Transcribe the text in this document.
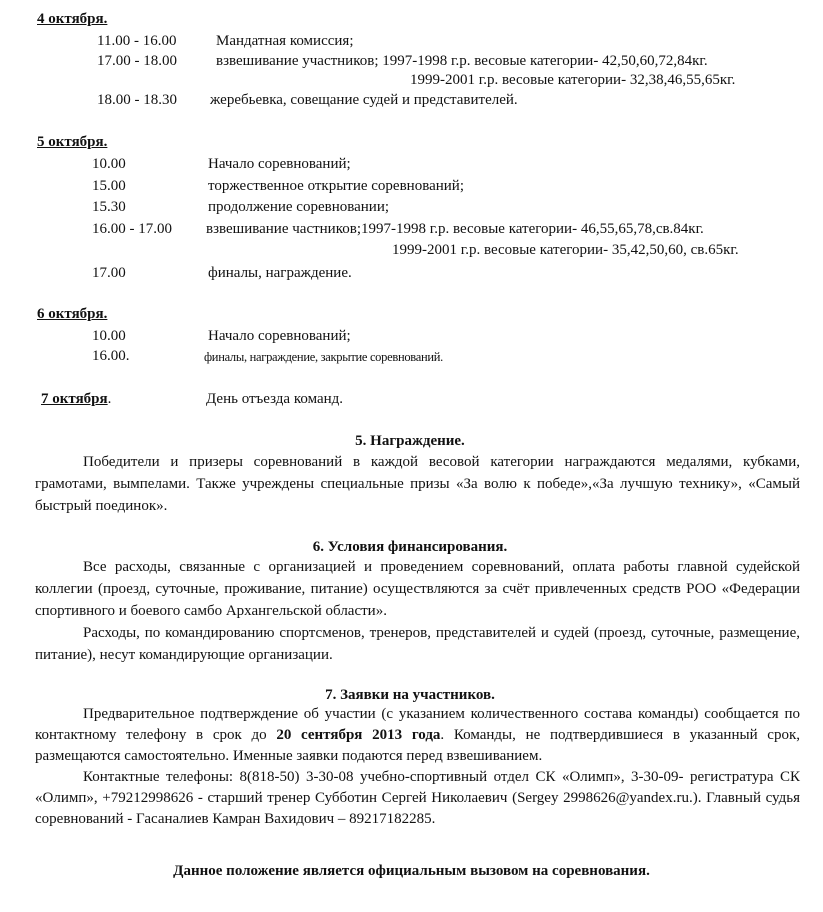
4 октября.
11.00 - 16.00	Мандатная комиссия;
17.00 - 18.00	взвешивание участников; 1997-1998 г.р. весовые категории- 42,50,60,72,84кг.
1999-2001 г.р. весовые категории- 32,38,46,55,65кг.
18.00 - 18.30 жеребьевка, совещание судей и представителей.
5 октября.
10.00	Начало соревнований;
15.00	торжественное открытие соревнований;
15.30	продолжение соревновании;
16.00 - 17.00 взвешивание частников;1997-1998 г.р. весовые категории- 46,55,65,78,св.84кг.
1999-2001 г.р. весовые категории- 35,42,50,60, св.65кг.
17.00	финалы, награждение.
6 октября.
10.00	Начало соревнований;
16.00.	финалы, награждение, закрытие соревнований.
7 октября.	День отъезда команд.
5. Награждение.

Победители и призеры соревнований в каждой весовой категории награждаются медалями, кубками, грамотами, вымпелами. Также учреждены специальные призы «За волю к победе»,«За лучшую технику», «Самый быстрый поединок».

6. Условия финансирования.

Все расходы, связанные с организацией и проведением соревнований, оплата работы главной судейской коллегии (проезд, суточные, проживание, питание) осуществляются за счёт привлеченных средств РОО «Федерации спортивного и боевого самбо Архангельской области».

Расходы, по командированию спортсменов, тренеров, представителей и судей (проезд, суточные, размещение, питание), несут командирующие организации.

7. Заявки на участников.

Предварительное подтверждение об участии (с указанием количественного состава команды) сообщается по контактному телефону в срок до 20 сентября 2013 года. Команды, не подтвердившиеся в указанный срок, размещаются самостоятельно. Именные заявки подаются перед взвешиванием.

Контактные телефоны: 8(818-50) 3-30-08 учебно-спортивный отдел СК «Олимп», 3-30-09- регистратура СК «Олимп», +79212998626 - старший тренер Субботин Сергей Николаевич (Sergey 2998626@yandex.ru.). Главный судья соревнований - Гасаналиев Камран Вахидович – 89217182285.

Данное положение является официальным вызовом на соревнования.
